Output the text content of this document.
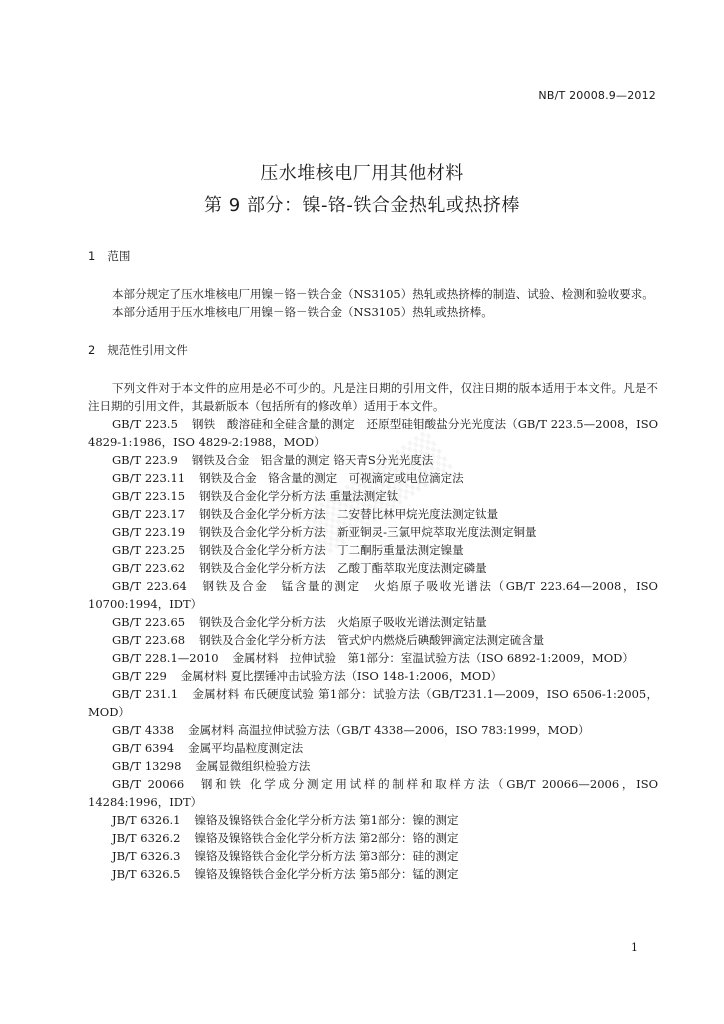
NB/T 20008.9—2012
压水堆核电厂用其他材料
第 9 部分：镍-铬-铁合金热轧或热挤棒
1 范围

本部分规定了压水堆核电厂用镍－铬－铁合金（NS3105）热轧或热挤棒的制造、试验、检测和验收要求。

本部分适用于压水堆核电厂用镍－铬－铁合金（NS3105）热轧或热挤棒。

2 规范性引用文件

下列文件对于本文件的应用是必不可少的。凡是注日期的引用文件，仅注日期的版本适用于本文件。凡是不注日期的引用文件，其最新版本（包括所有的修改单）适用于本文件。

GB/T 223.5 钢铁　酸溶硅和全硅含量的测定　还原型硅钼酸盐分光光度法（GB/T 223.5—2008，ISO 4829-1:1986，ISO 4829-2:1988，MOD）
GB/T 223.9 钢铁及合金　铝含量的测定 铬天青S分光光度法
GB/T 223.11 钢铁及合金　铬含量的测定　可视滴定或电位滴定法
GB/T 223.15 钢铁及合金化学分析方法 重量法测定钛
GB/T 223.17 钢铁及合金化学分析方法　二安替比林甲烷光度法测定钛量
GB/T 223.19 钢铁及合金化学分析方法　新亚铜灵-三氯甲烷萃取光度法测定铜量
GB/T 223.25 钢铁及合金化学分析方法　丁二酮肟重量法测定镍量
GB/T 223.62 钢铁及合金化学分析方法　乙酸丁酯萃取光度法测定磷量
GB/T 223.64 钢铁及合金　锰含量的测定　火焰原子吸收光谱法（GB/T 223.64—2008，ISO 10700:1994，IDT）
GB/T 223.65 钢铁及合金化学分析方法　火焰原子吸收光谱法测定钴量
GB/T 223.68 钢铁及合金化学分析方法　管式炉内燃烧后碘酸钾滴定法测定硫含量
GB/T 228.1—2010 金属材料　拉伸试验　第1部分：室温试验方法（ISO 6892-1:2009，MOD）
GB/T 229 金属材料 夏比摆锤冲击试验方法（ISO 148-1:2006，MOD）
GB/T 231.1 金属材料 布氏硬度试验 第1部分：试验方法（GB/T231.1—2009，ISO 6506-1:2005，MOD）
GB/T 4338 金属材料 高温拉伸试验方法（GB/T 4338—2006，ISO 783:1999，MOD）
GB/T 6394 金属平均晶粒度测定法
GB/T 13298 金属显微组织检验方法
GB/T 20066 钢和铁 化学成分测定用试样的制样和取样方法（GB/T 20066—2006，ISO 14284:1996，IDT）
JB/T 6326.1 镍铬及镍铬铁合金化学分析方法 第1部分：镍的测定
JB/T 6326.2 镍铬及镍铬铁合金化学分析方法 第2部分：铬的测定
JB/T 6326.3 镍铬及镍铬铁合金化学分析方法 第3部分：硅的测定
JB/T 6326.5 镍铬及镍铬铁合金化学分析方法 第5部分：锰的测定
1
